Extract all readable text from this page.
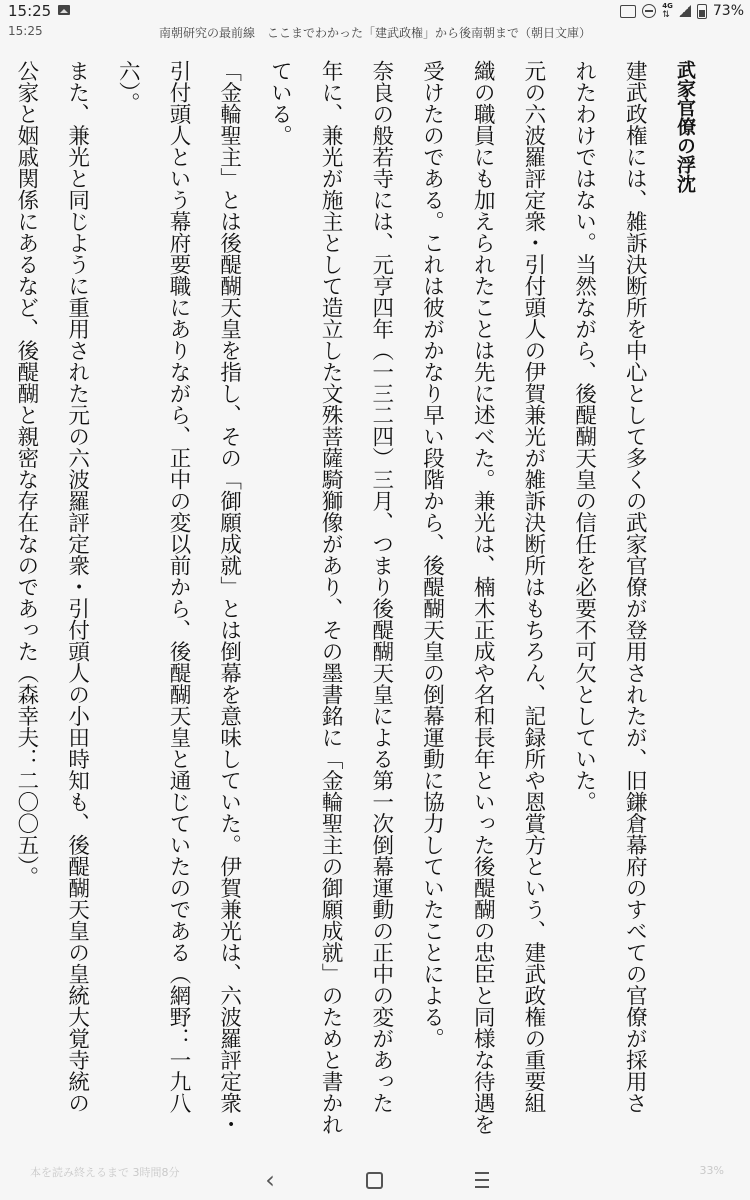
15:25	4G
⇅	73%
15:25	南朝研究の最前線　ここまでわかった「建武政権」から後南朝まで（朝日文庫）
武家官僚の浮沈
建武政権には、雑訴決断所を中心として多くの武家官僚が登用されたが、旧鎌倉幕府のすべての官僚が採用さ
れたわけではない。当然ながら、後醍醐天皇の信任を必要不可欠としていた。
元の六波羅評定衆・引付頭人の伊賀兼光が雑訴決断所はもちろん、記録所や恩賞方という、建武政権の重要組
織の職員にも加えられたことは先に述べた。兼光は、楠木正成や名和長年といった後醍醐の忠臣と同様な待遇を
受けたのである。これは彼がかなり早い段階から、後醍醐天皇の倒幕運動に協力していたことによる。
奈良の般若寺には、元亨四年（一三二四）三月、つまり後醍醐天皇による第一次倒幕運動の正中の変があった
年に、兼光が施主として造立した文殊菩薩騎獅像があり、その墨書銘に「金輪聖主の御願成就」のためと書かれ
ている。
「金輪聖主」とは後醍醐天皇を指し、その「御願成就」とは倒幕を意味していた。伊賀兼光は、六波羅評定衆・
引付頭人という幕府要職にありながら、正中の変以前から、後醍醐天皇と通じていたのである（網野：一九八
六）。
また、兼光と同じように重用された元の六波羅評定衆・引付頭人の小田時知も、後醍醐天皇の皇統大覚寺統の
公家と姻戚関係にあるなど、後醍醐と親密な存在なのであった（森幸夫：二〇〇五）。
本を読み終えるまで 3時間8分	33%
‹
